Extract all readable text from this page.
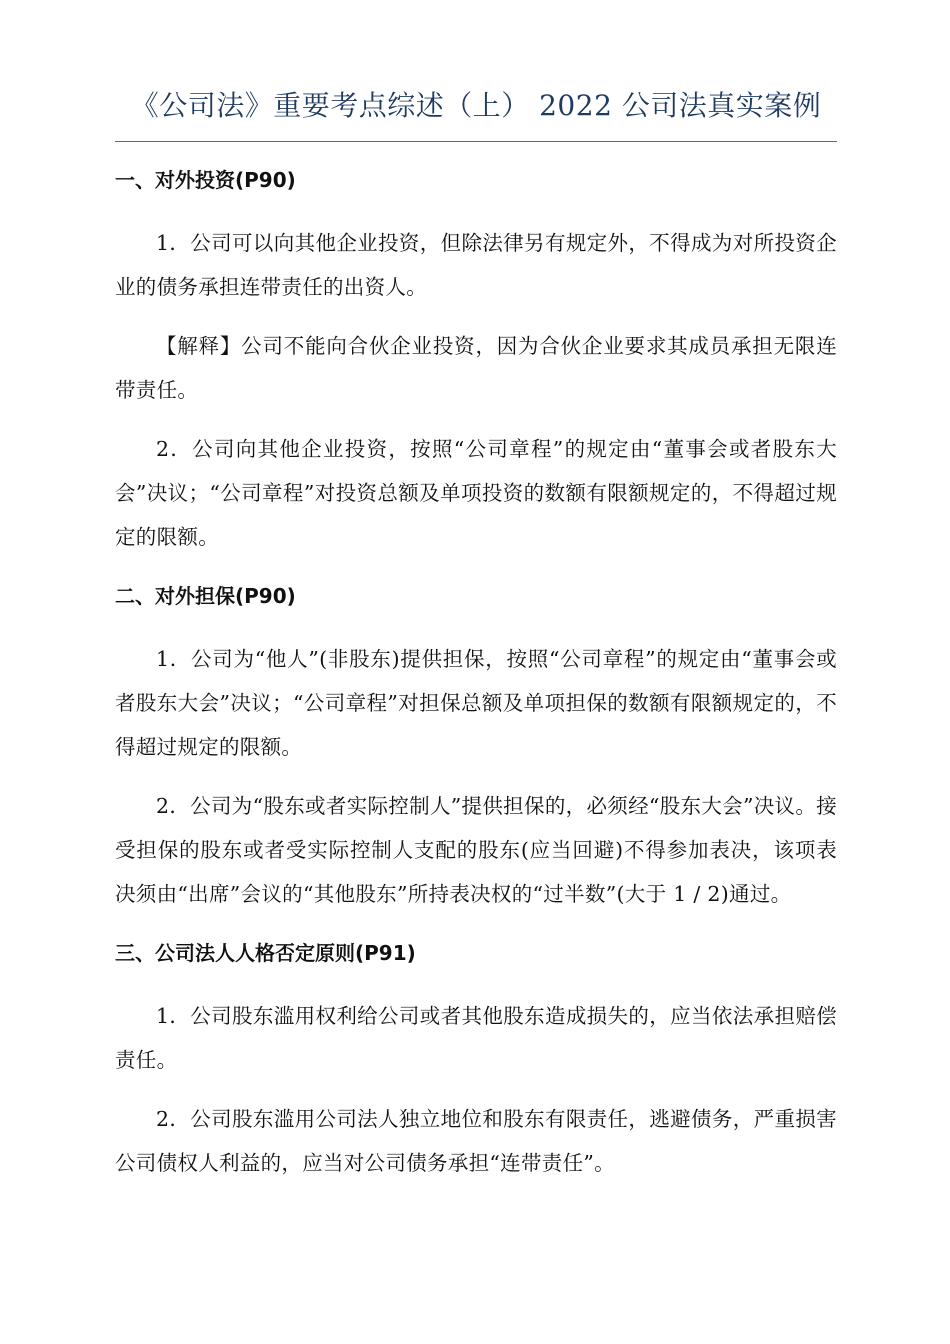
《公司法》重要考点综述（上） 2022 公司法真实案例
一、对外投资(P90)

1．公司可以向其他企业投资，但除法律另有规定外，不得成为对所投资企业的债务承担连带责任的出资人。

【解释】公司不能向合伙企业投资，因为合伙企业要求其成员承担无限连带责任。

2．公司向其他企业投资，按照“公司章程”的规定由“董事会或者股东大会”决议；“公司章程”对投资总额及单项投资的数额有限额规定的，不得超过规定的限额。

二、对外担保(P90)

1．公司为“他人”(非股东)提供担保，按照“公司章程”的规定由“董事会或者股东大会”决议；“公司章程”对担保总额及单项担保的数额有限额规定的，不得超过规定的限额。

2．公司为“股东或者实际控制人”提供担保的，必须经“股东大会”决议。接受担保的股东或者受实际控制人支配的股东(应当回避)不得参加表决，该项表决须由“出席”会议的“其他股东”所持表决权的“过半数”(大于 1 / 2)通过。

三、公司法人人格否定原则(P91)

1．公司股东滥用权利给公司或者其他股东造成损失的，应当依法承担赔偿责任。

2．公司股东滥用公司法人独立地位和股东有限责任，逃避债务，严重损害公司债权人利益的，应当对公司债务承担“连带责任”。
